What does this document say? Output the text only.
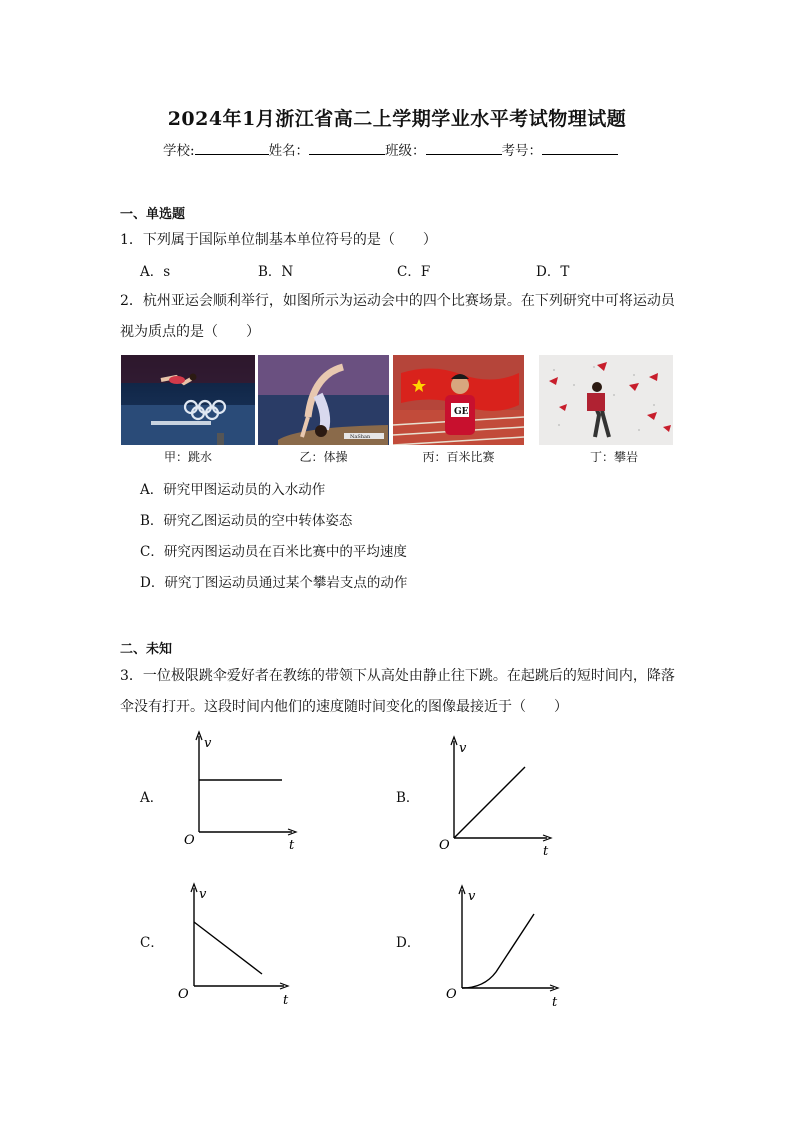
2024年1月浙江省高二上学期学业水平考试物理试题
学校:	姓名：	班级：	考号：
一、单选题
1．下列属于国际单位制基本单位符号的是（　　）
A．s	B．N	C．F	D．T
2．杭州亚运会顺利举行，如图所示为运动会中的四个比赛场景。在下列研究中可将运动员
视为质点的是（　　）
NaShan
GE
甲：跳水	乙：体操	丙：百米比赛	丁：攀岩
A．研究甲图运动员的入水动作
B．研究乙图运动员的空中转体姿态
C．研究丙图运动员在百米比赛中的平均速度
D．研究丁图运动员通过某个攀岩支点的动作
二、未知
3．一位极限跳伞爱好者在教练的带领下从高处由静止往下跳。在起跳后的短时间内，降落
伞没有打开。这段时间内他们的速度随时间变化的图像最接近于（　　）
A．	B．
C．	D．
v
t
O
v
t
O
v
t
O
v
t
O
